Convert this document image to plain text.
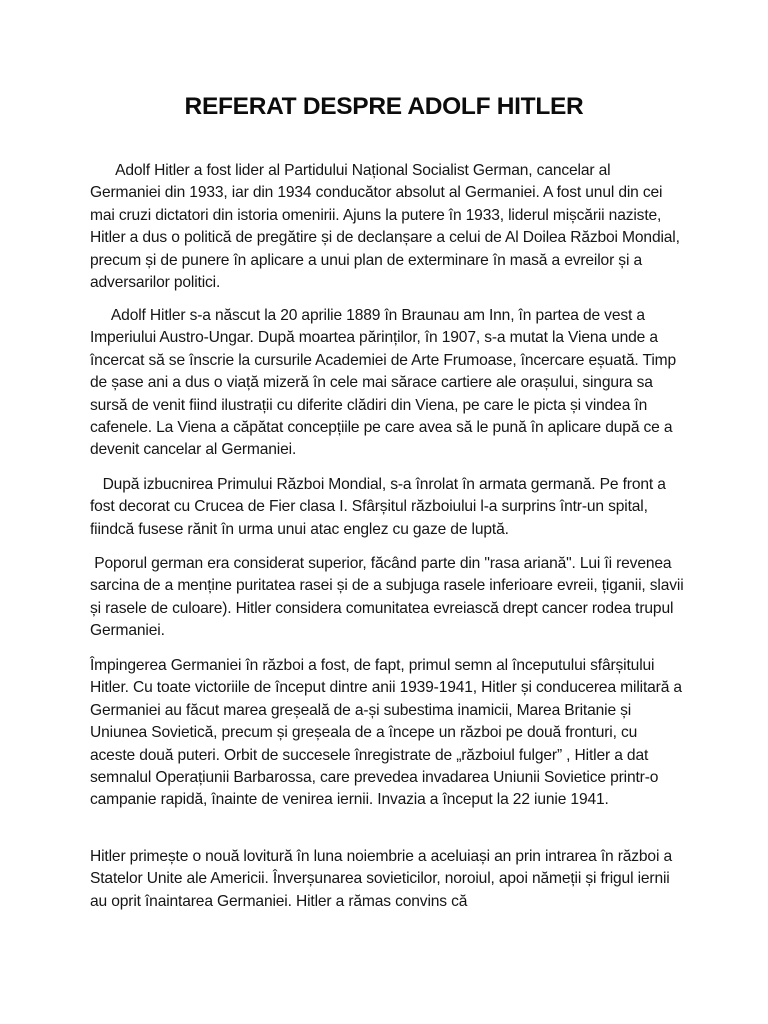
REFERAT DESPRE ADOLF HITLER

Adolf Hitler a fost lider al Partidului Național Socialist German, cancelar al Germaniei din 1933, iar din 1934 conducător absolut al Germaniei. A fost unul din cei mai cruzi dictatori din istoria omenirii. Ajuns la putere în 1933, liderul mișcării naziste, Hitler a dus o politică de pregătire și de declanșare a celui de Al Doilea Război Mondial, precum și de punere în aplicare a unui plan de exterminare în masă a evreilor și a adversarilor politici.

Adolf Hitler s-a născut la 20 aprilie 1889 în Braunau am Inn, în partea de vest a Imperiului Austro-Ungar. După moartea părinților, în 1907, s-a mutat la Viena unde a încercat să se înscrie la cursurile Academiei de Arte Frumoase, încercare eșuată. Timp de șase ani a dus o viață mizeră în cele mai sărace cartiere ale orașului, singura sa sursă de venit fiind ilustrații cu diferite clădiri din Viena, pe care le picta și vindea în cafenele. La Viena a căpătat concepțiile pe care avea să le pună în aplicare după ce a devenit cancelar al Germaniei.

După izbucnirea Primului Război Mondial, s-a înrolat în armata germană. Pe front a fost decorat cu Crucea de Fier clasa I. Sfârșitul războiului l-a surprins într-un spital, fiindcă fusese rănit în urma unui atac englez cu gaze de luptă.

Poporul german era considerat superior, făcând parte din "rasa ariană". Lui îi revenea sarcina de a menține puritatea rasei și de a subjuga rasele inferioare evreii, țiganii, slavii și rasele de culoare). Hitler considera comunitatea evreiască drept cancer rodea trupul Germaniei.

Împingerea Germaniei în război a fost, de fapt, primul semn al începutului sfârșitului Hitler. Cu toate victoriile de început dintre anii 1939-1941, Hitler și conducerea militară a Germaniei au făcut marea greșeală de a-și subestima inamicii, Marea Britanie și Uniunea Sovietică, precum și greșeala de a începe un război pe două fronturi, cu aceste două puteri. Orbit de succesele înregistrate de „războiul fulger” , Hitler a dat semnalul Operațiunii Barbarossa, care prevedea invadarea Uniunii Sovietice printr-o campanie rapidă, înainte de venirea iernii. Invazia a început la 22 iunie 1941.

Hitler primește o nouă lovitură în luna noiembrie a aceluiași an prin intrarea în război a Statelor Unite ale Americii. Înverșunarea sovieticilor, noroiul, apoi nămeții și frigul iernii au oprit înaintarea Germaniei. Hitler a rămas convins că
